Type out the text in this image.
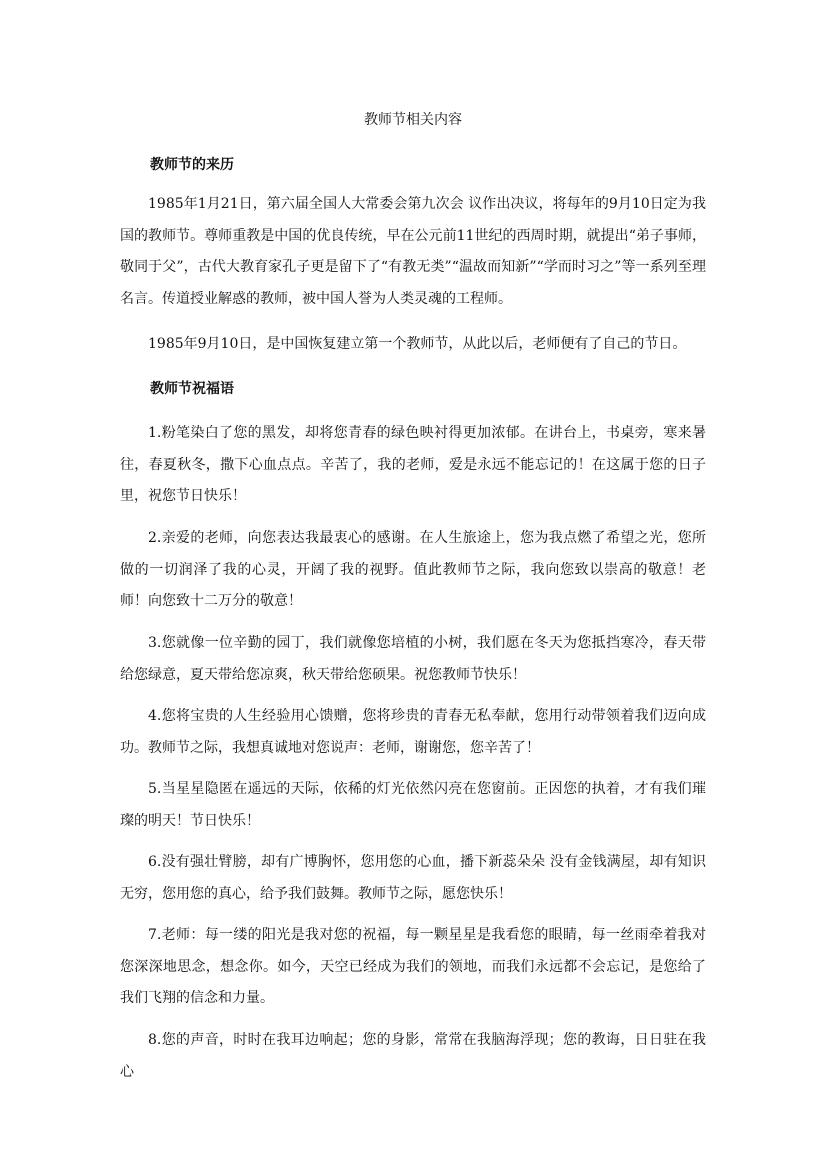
教师节相关内容
教师节的来历

1985年1月21日，第六届全国人大常委会第九次会 议作出决议，将每年的9月10日定为我国的教师节。尊师重教是中国的优良传统，早在公元前11世纪的西周时期，就提出“弟子事师，敬同于父”，古代大教育家孔子更是留下了“有教无类”“温故而知新”“学而时习之”等一系列至理名言。传道授业解惑的教师，被中国人誉为人类灵魂的工程师。

1985年9月10日，是中国恢复建立第一个教师节，从此以后，老师便有了自己的节日。

教师节祝福语

1.粉笔染白了您的黑发，却将您青春的绿色映衬得更加浓郁。在讲台上，书桌旁，寒来暑往，春夏秋冬，撒下心血点点。辛苦了，我的老师，爱是永远不能忘记的！在这属于您的日子里，祝您节日快乐！

2.亲爱的老师，向您表达我最衷心的感谢。在人生旅途上，您为我点燃了希望之光，您所做的一切润泽了我的心灵，开阔了我的视野。值此教师节之际，我向您致以崇高的敬意！老师！向您致十二万分的敬意！

3.您就像一位辛勤的园丁，我们就像您培植的小树，我们愿在冬天为您抵挡寒冷，春天带给您绿意，夏天带给您凉爽，秋天带给您硕果。祝您教师节快乐！

4.您将宝贵的人生经验用心馈赠，您将珍贵的青春无私奉献，您用行动带领着我们迈向成功。教师节之际，我想真诚地对您说声：老师，谢谢您，您辛苦了！

5.当星星隐匿在遥远的天际，依稀的灯光依然闪亮在您窗前。正因您的执着，才有我们璀璨的明天！节日快乐！

6.没有强壮臂膀，却有广博胸怀，您用您的心血，播下新蕊朵朵 没有金钱满屋，却有知识无穷，您用您的真心，给予我们鼓舞。教师节之际，愿您快乐！

7.老师：每一缕的阳光是我对您的祝福，每一颗星星是我看您的眼睛，每一丝雨牵着我对您深深地思念，想念你。如今，天空已经成为我们的领地，而我们永远都不会忘记，是您给了我们飞翔的信念和力量。

8.您的声音，时时在我耳边响起；您的身影，常常在我脑海浮现；您的教诲，日日驻在我心
